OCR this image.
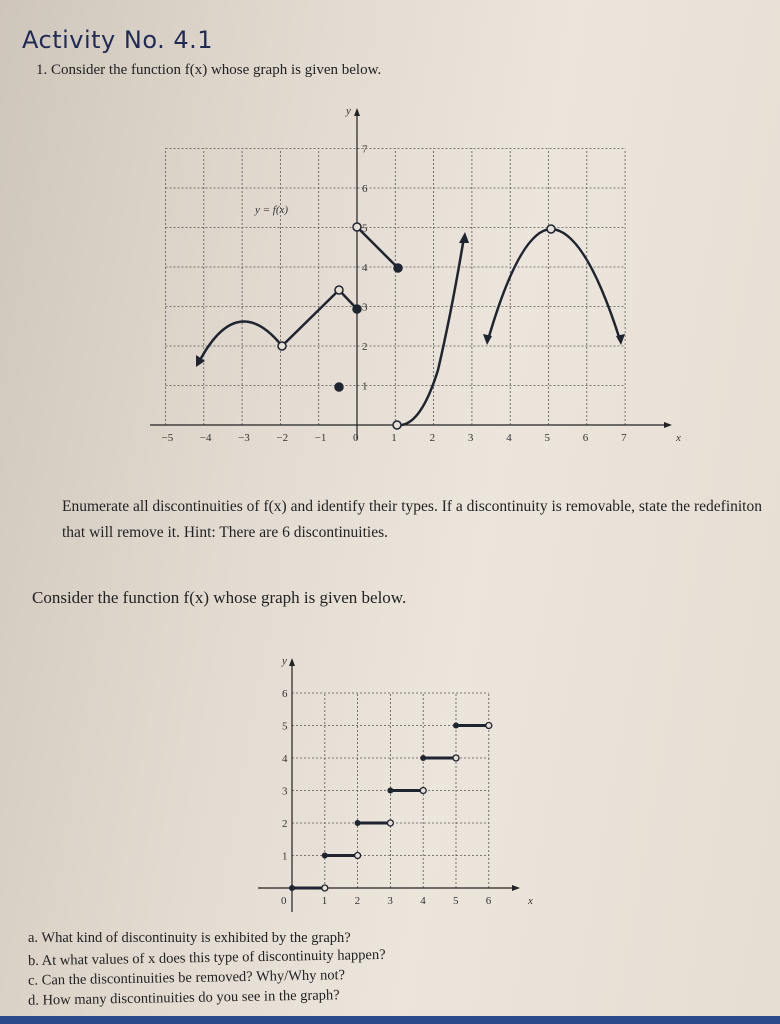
Activity No. 4.1
1. Consider the function f(x) whose graph is given below.
−5 −4 −3 −2 −1 0	1	2	3	4	5	6	7
1
2
3
4
5
6
7
x
y
y = f(x)
0	1 2 3 4 5 6
1
2
3
4
5
6
x
y
Enumerate all discontinuities of f(x) and identify their types. If a discontinuity is removable, state the redefiniton that will remove it. Hint: There are 6 discontinuities.
Consider the function f(x) whose graph is given below.
a. What kind of discontinuity is exhibited by the graph?
b. At what values of x does this type of discontinuity happen?
c. Can the discontinuities be removed? Why/Why not?
d. How many discontinuities do you see in the graph?
